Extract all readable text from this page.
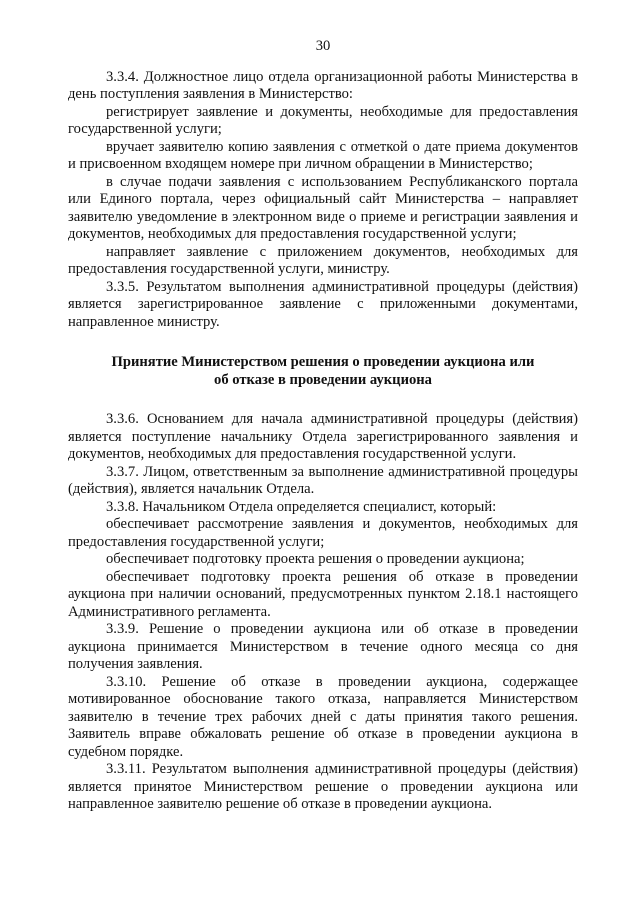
30

3.3.4. Должностное лицо отдела организационной работы Министерства в день поступления заявления в Министерство:

регистрирует заявление и документы, необходимые для предоставления государственной услуги;

вручает заявителю копию заявления с отметкой о дате приема документов и присвоенном входящем номере при личном обращении в Министерство;

в случае подачи заявления с использованием Республиканского портала или Единого портала, через официальный сайт Министерства – направляет заявителю уведомление в электронном виде о приеме и регистрации заявления и документов, необходимых для предоставления государственной услуги;

направляет заявление с приложением документов, необходимых для предоставления государственной услуги, министру.

3.3.5. Результатом выполнения административной процедуры (действия) является зарегистрированное заявление с приложенными документами, направленное министру.

Принятие Министерством решения о проведении аукциона или
об отказе в проведении аукциона

3.3.6. Основанием для начала административной процедуры (действия) является поступление начальнику Отдела зарегистрированного заявления и документов, необходимых для предоставления государственной услуги.

3.3.7. Лицом, ответственным за выполнение административной процедуры (действия), является начальник Отдела.

3.3.8. Начальником Отдела определяется специалист, который:

обеспечивает рассмотрение заявления и документов, необходимых для предоставления государственной услуги;

обеспечивает подготовку проекта решения о проведении аукциона;

обеспечивает подготовку проекта решения об отказе в проведении аукциона при наличии оснований, предусмотренных пунктом 2.18.1 настоящего Административного регламента.

3.3.9. Решение о проведении аукциона или об отказе в проведении аукциона принимается Министерством в течение одного месяца со дня получения заявления.

3.3.10. Решение об отказе в проведении аукциона, содержащее мотивированное обоснование такого отказа, направляется Министерством заявителю в течение трех рабочих дней с даты принятия такого решения. Заявитель вправе обжаловать решение об отказе в проведении аукциона в судебном порядке.

3.3.11. Результатом выполнения административной процедуры (действия) является принятое Министерством решение о проведении аукциона или направленное заявителю решение об отказе в проведении аукциона.
